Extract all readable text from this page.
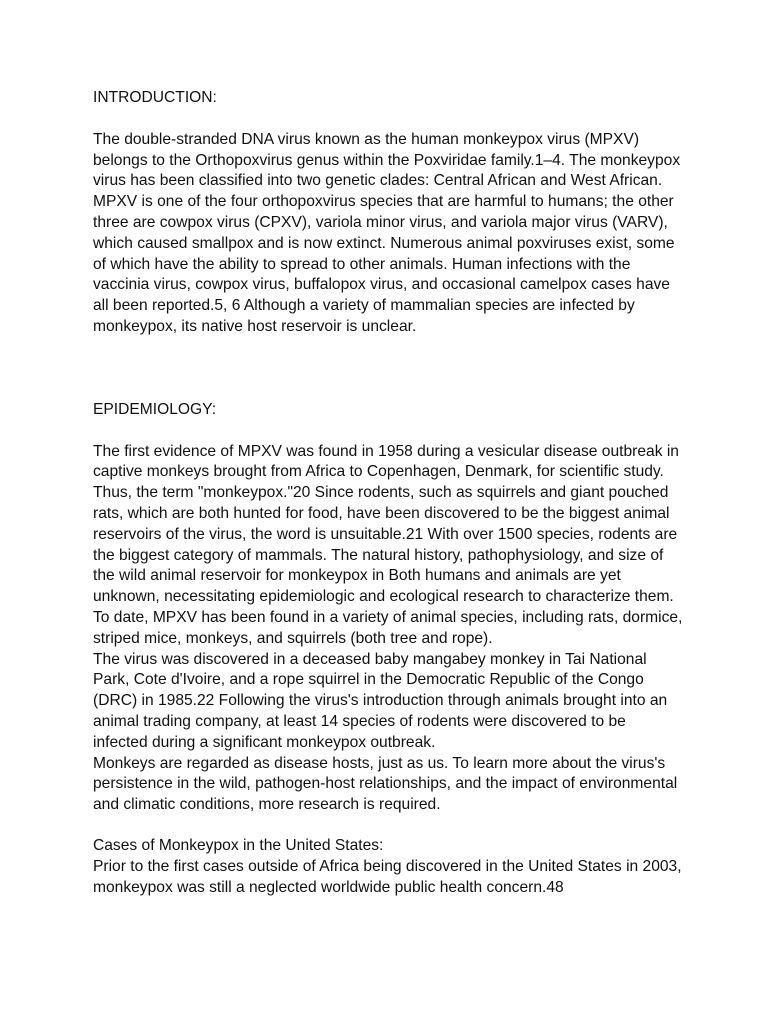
INTRODUCTION:

The double-stranded DNA virus known as the human monkeypox virus (MPXV) belongs to the Orthopoxvirus genus within the Poxviridae family.1–4. The monkeypox virus has been classified into two genetic clades: Central African and West African. MPXV is one of the four orthopoxvirus species that are harmful to humans; the other three are cowpox virus (CPXV), variola minor virus, and variola major virus (VARV), which caused smallpox and is now extinct. Numerous animal poxviruses exist, some of which have the ability to spread to other animals. Human infections with the vaccinia virus, cowpox virus, buffalopox virus, and occasional camelpox cases have all been reported.5, 6 Although a variety of mammalian species are infected by monkeypox, its native host reservoir is unclear.

EPIDEMIOLOGY:

The first evidence of MPXV was found in 1958 during a vesicular disease outbreak in captive monkeys brought from Africa to Copenhagen, Denmark, for scientific study. Thus, the term "monkeypox."20 Since rodents, such as squirrels and giant pouched rats, which are both hunted for food, have been discovered to be the biggest animal reservoirs of the virus, the word is unsuitable.21 With over 1500 species, rodents are the biggest category of mammals. The natural history, pathophysiology, and size of the wild animal reservoir for monkeypox in Both humans and animals are yet unknown, necessitating epidemiologic and ecological research to characterize them. To date, MPXV has been found in a variety of animal species, including rats, dormice, striped mice, monkeys, and squirrels (both tree and rope).

The virus was discovered in a deceased baby mangabey monkey in Tai National Park, Cote d'Ivoire, and a rope squirrel in the Democratic Republic of the Congo (DRC) in 1985.22 Following the virus's introduction through animals brought into an animal trading company, at least 14 species of rodents were discovered to be infected during a significant monkeypox outbreak.

Monkeys are regarded as disease hosts, just as us. To learn more about the virus's persistence in the wild, pathogen-host relationships, and the impact of environmental and climatic conditions, more research is required.

Cases of Monkeypox in the United States:

Prior to the first cases outside of Africa being discovered in the United States in 2003, monkeypox was still a neglected worldwide public health concern.48
